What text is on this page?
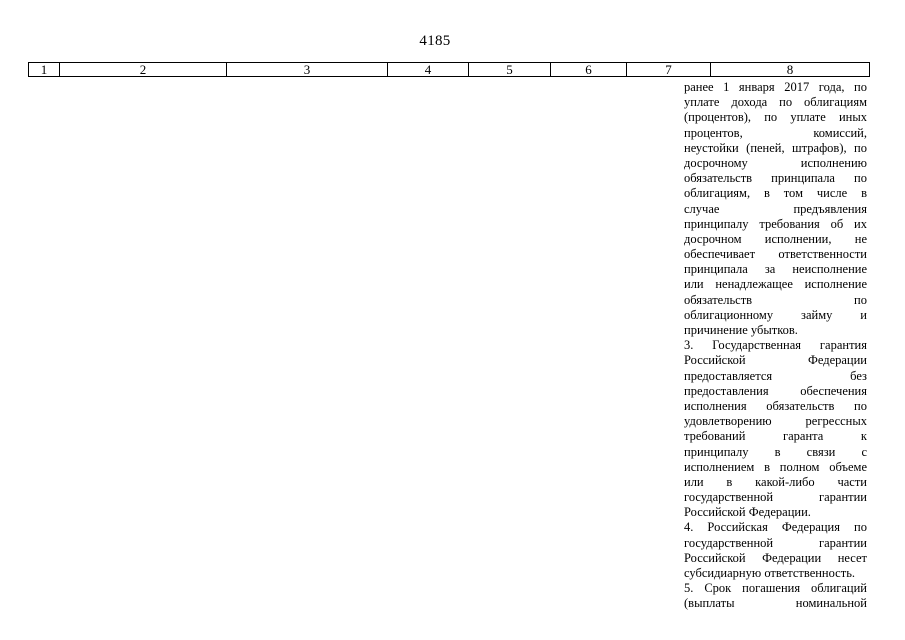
4185
1	2	3	4	5	6	7	8
ранее 1 января 2017 года, по
уплате дохода по облигациям
(процентов), по уплате иных
процентов, комиссий,
неустойки (пеней, штрафов), по
досрочному исполнению
обязательств принципала по
облигациям, в том числе в
случае предъявления
принципалу требования об их
досрочном исполнении, не
обеспечивает ответственности
принципала за неисполнение
или ненадлежащее исполнение
обязательств по
облигационному займу и
причинение убытков.
3. Государственная гарантия
Российской Федерации
предоставляется без
предоставления обеспечения
исполнения обязательств по
удовлетворению регрессных
требований гаранта к
принципалу в связи с
исполнением в полном объеме
или в какой-либо части
государственной гарантии
Российской Федерации.
4. Российская Федерация по
государственной гарантии
Российской Федерации несет
субсидиарную ответственность.
5. Срок погашения облигаций
(выплаты номинальной
